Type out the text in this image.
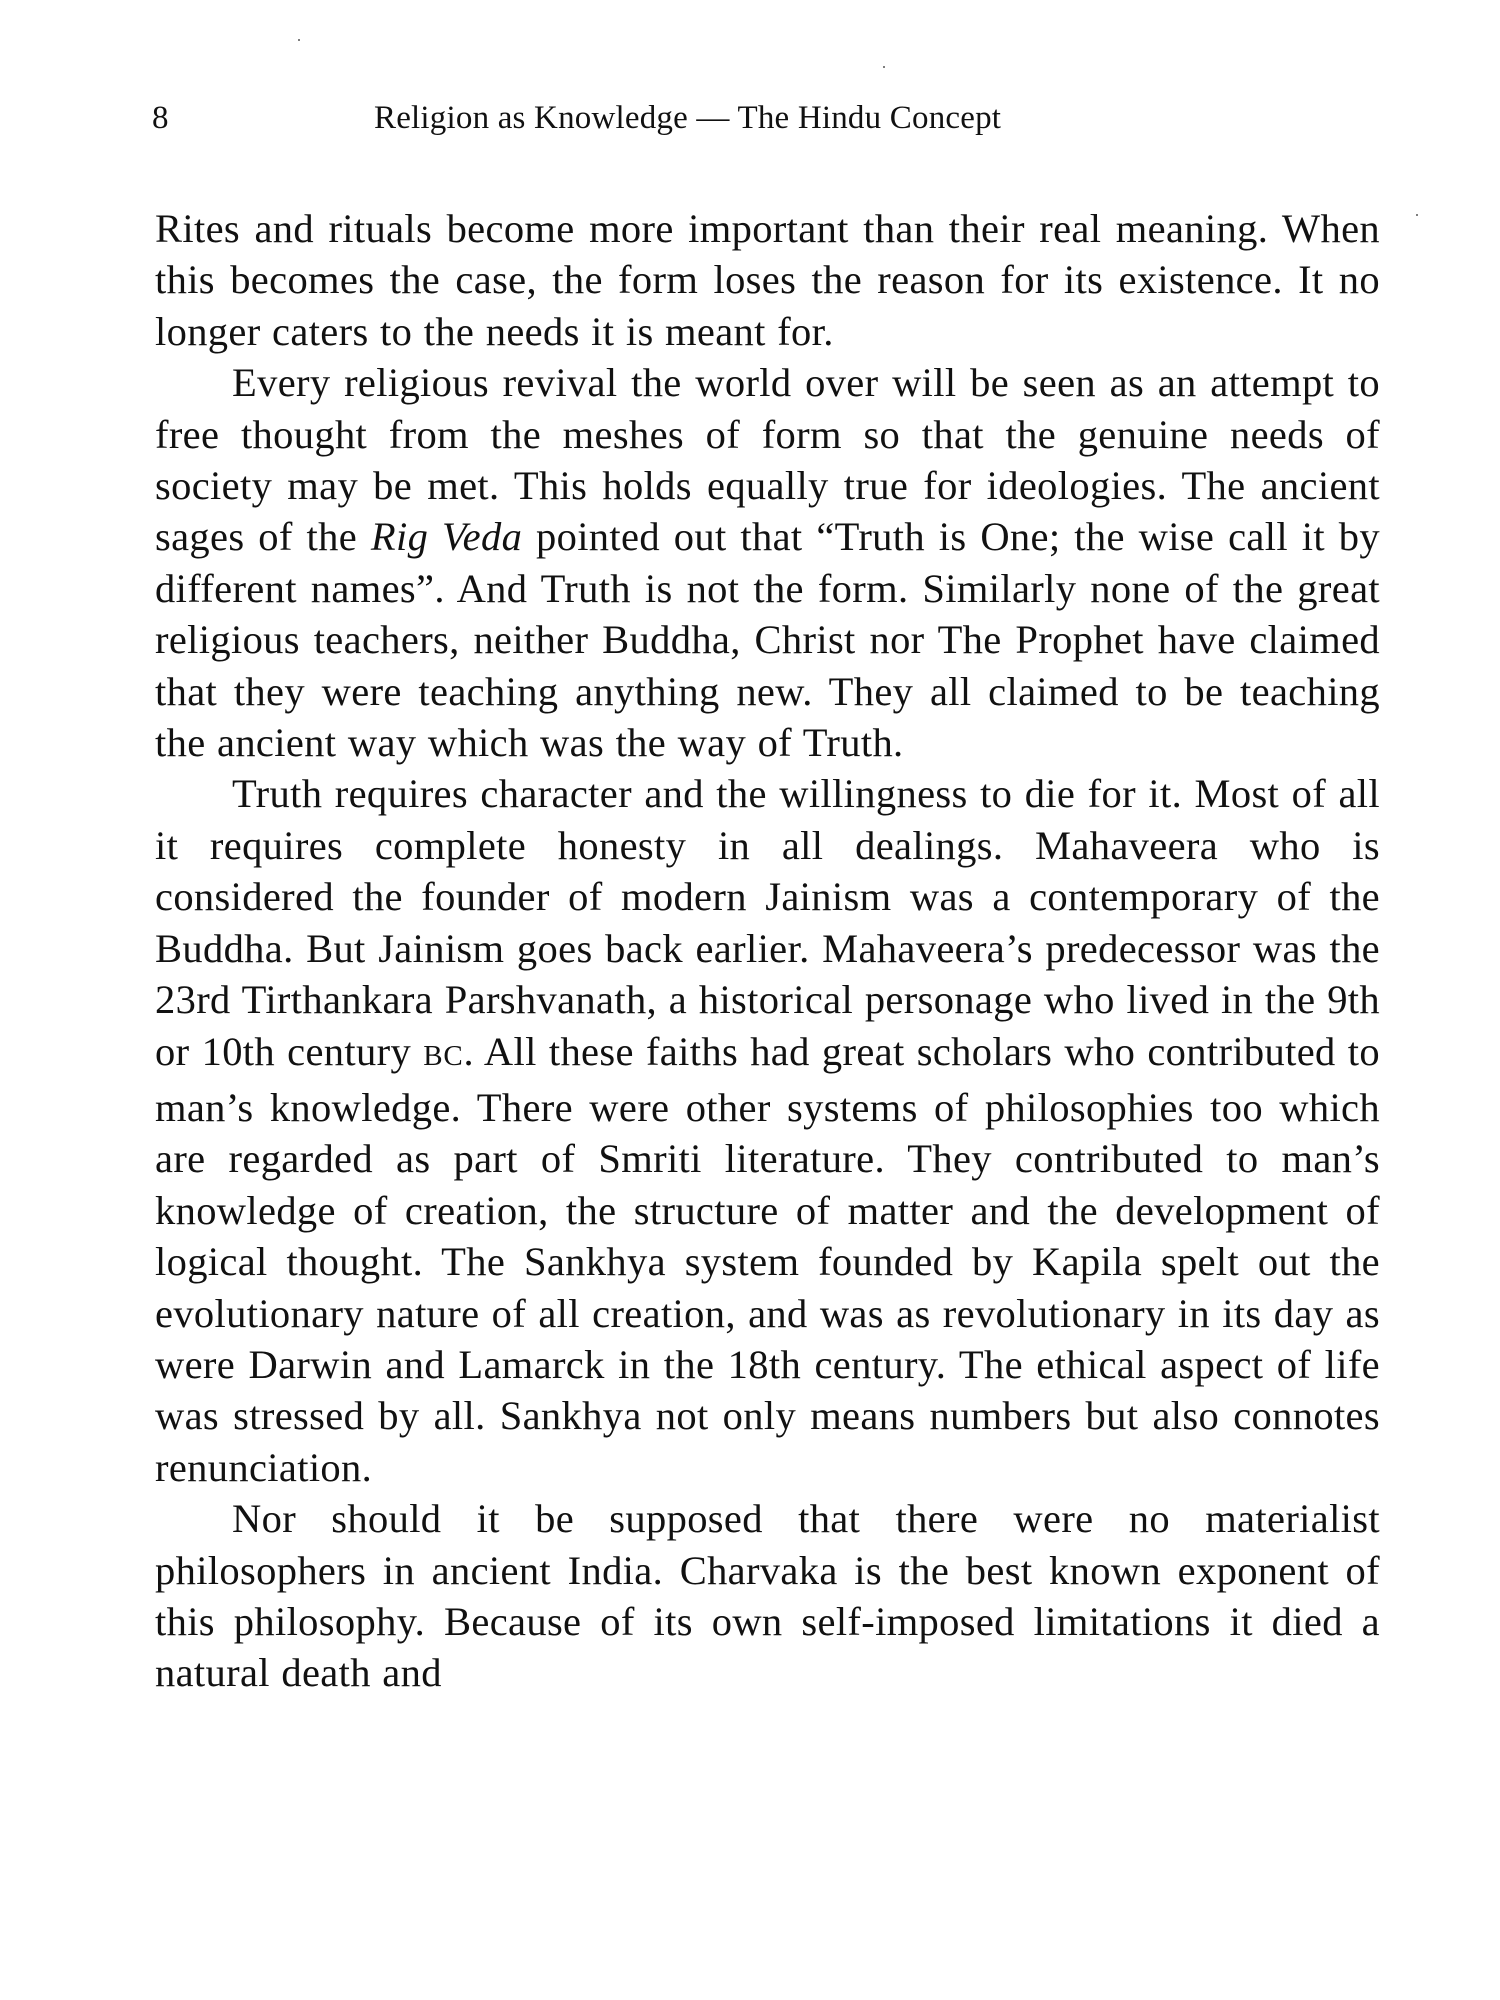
8	Religion as Knowledge — The Hindu Concept

Rites and rituals become more important than their real meaning. When this becomes the case, the form loses the reason for its existence. It no longer caters to the needs it is meant for.

Every religious revival the world over will be seen as an attempt to free thought from the meshes of form so that the genuine needs of society may be met. This holds equally true for ideologies. The ancient sages of the Rig Veda pointed out that “Truth is One; the wise call it by different names”. And Truth is not the form. Similarly none of the great religious teachers, neither Buddha, Christ nor The Prophet have claimed that they were teaching anything new. They all claimed to be teaching the ancient way which was the way of Truth.

Truth requires character and the willingness to die for it. Most of all it requires complete honesty in all dealings. Mahaveera who is considered the founder of modern Jainism was a contemporary of the Buddha. But Jainism goes back earlier. Mahaveera’s predecessor was the 23rd Tirthankara Parshvanath, a historical personage who lived in the 9th or 10th century BC. All these faiths had great scholars who contributed to man’s knowledge. There were other systems of philosophies too which are regarded as part of Smriti literature. They contributed to man’s knowledge of creation, the structure of matter and the development of logical thought. The Sankhya system founded by Kapila spelt out the evolutionary nature of all creation, and was as revolutionary in its day as were Darwin and Lamarck in the 18th century. The ethical aspect of life was stressed by all. Sankhya not only means numbers but also connotes renunciation.

Nor should it be supposed that there were no materialist philosophers in ancient India. Charvaka is the best known exponent of this philosophy. Because of its own self-imposed limitations it died a natural death and
